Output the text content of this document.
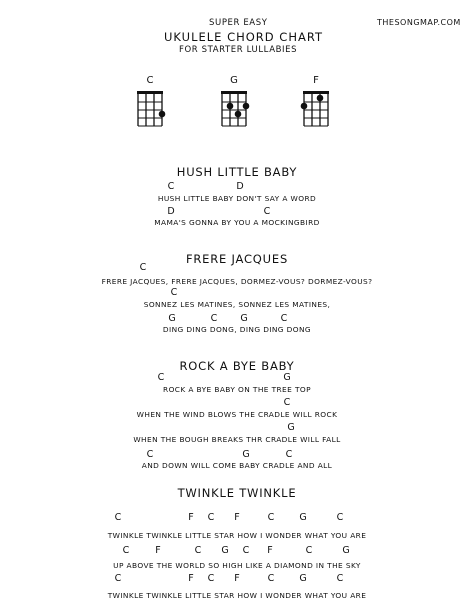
SUPER EASY
UKULELE CHORD CHART
FOR STARTER LULLABIES
THESONGMAP.COM
C	G	F
HUSH LITTLE BABY
C	D
HUSH LITTLE BABY DON'T SAY A WORD
D	C
MAMA'S GONNA BY YOU A MOCKINGBIRD
FRERE JACQUES
C
FRERE JACQUES, FRERE JACQUES, DORMEZ-VOUS? DORMEZ-VOUS?
C
SONNEZ LES MATINES, SONNEZ LES MATINES,
G	C G	C
DING DING DONG, DING DING DONG
ROCK A BYE BABY
C	G
ROCK A BYE BABY ON THE TREE TOP
C
WHEN THE WIND BLOWS THE CRADLE WILL ROCK
G
WHEN THE BOUGH BREAKS THR CRADLE WILL FALL
C	G	C
AND DOWN WILL COME BABY CRADLE AND ALL
TWINKLE TWINKLE
C	F C F	C	G	C
TWINKLE TWINKLE LITTLE STAR HOW I WONDER WHAT YOU ARE
C	F	C G C F	C	G
UP ABOVE THE WORLD SO HIGH LIKE A DIAMOND IN THE SKY
C	F C F	C	G	C
TWINKLE TWINKLE LITTLE STAR HOW I WONDER WHAT YOU ARE
